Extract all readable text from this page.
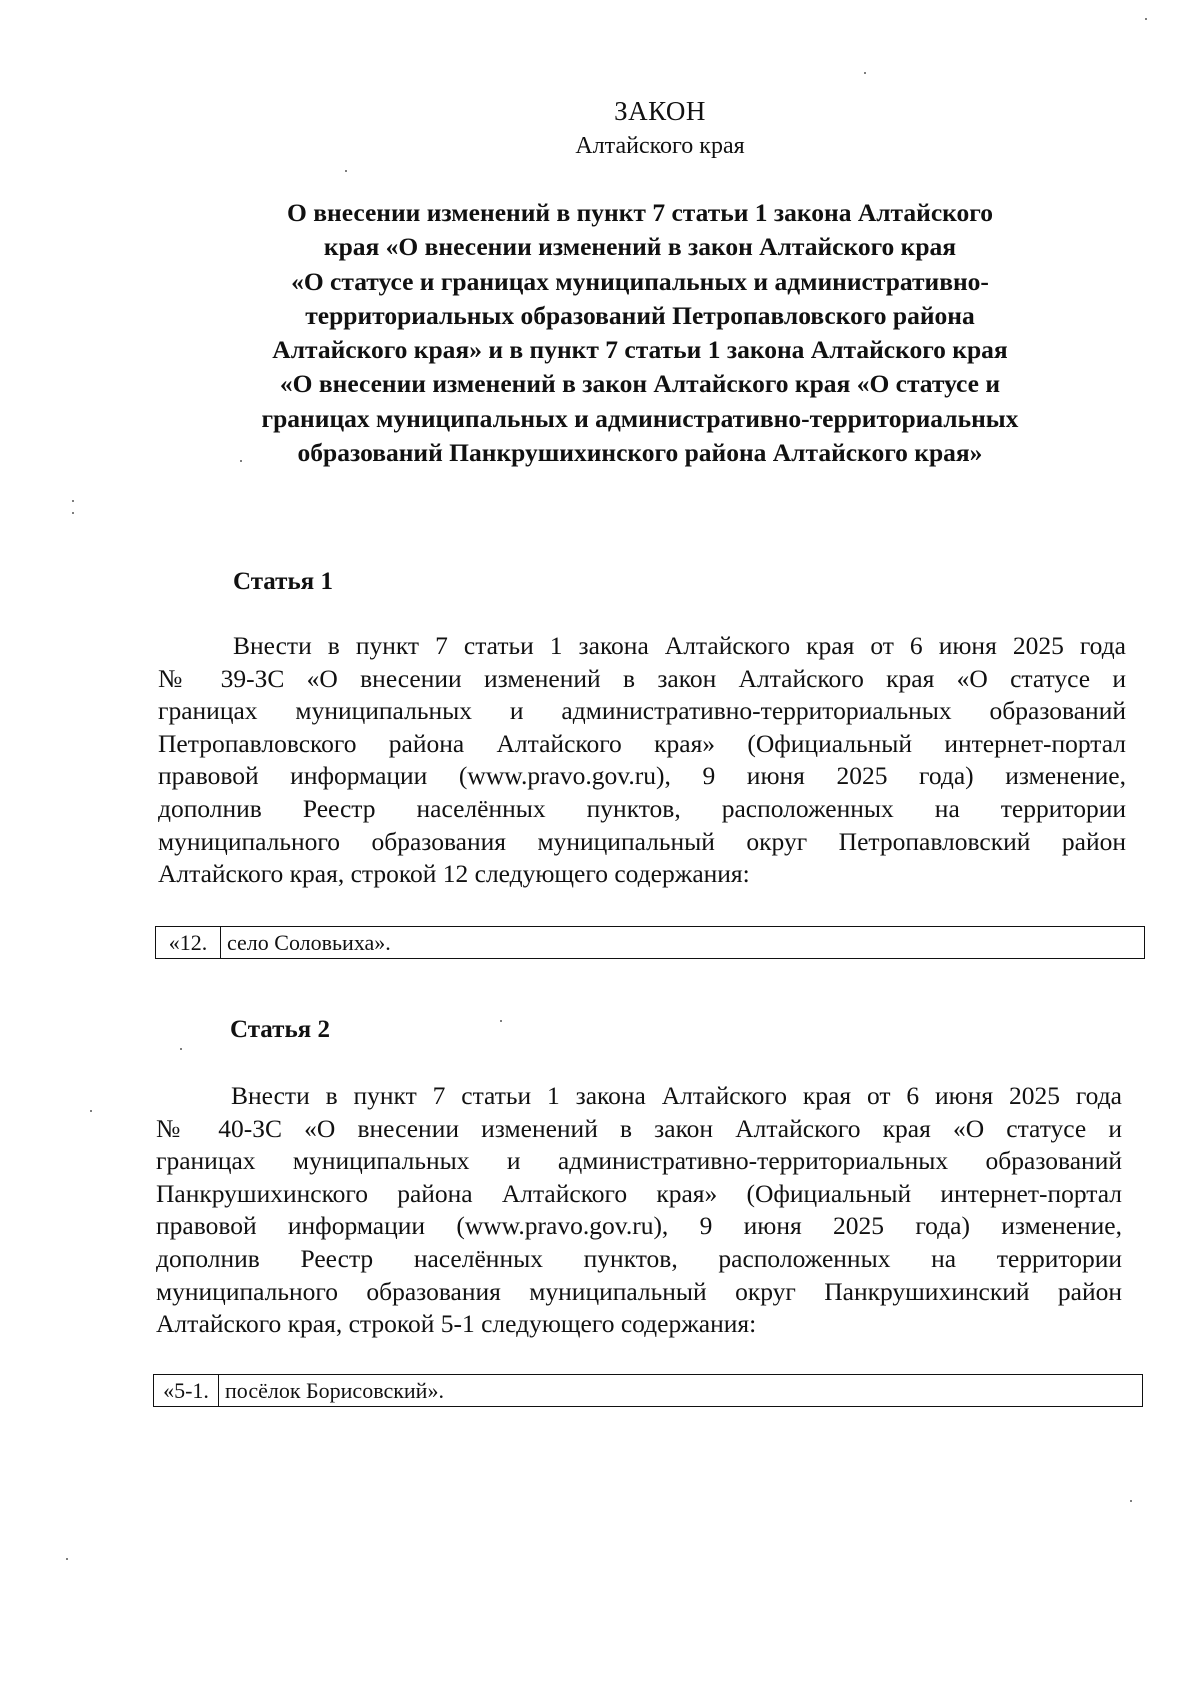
ЗАКОН
Алтайского края
О внесении изменений в пункт 7 статьи 1 закона Алтайского
края «О внесении изменений в закон Алтайского края
«О статусе и границах муниципальных и административно-
территориальных образований Петропавловского района
Алтайского края» и в пункт 7 статьи 1 закона Алтайского края
«О внесении изменений в закон Алтайского края «О статусе и
границах муниципальных и административно-территориальных
образований Панкрушихинского района Алтайского края»
Статья 1
Внести в пункт 7 статьи 1 закона Алтайского края от 6 июня 2025 года
№ 39-ЗС «О внесении изменений в закон Алтайского края «О статусе и
границах муниципальных и административно-территориальных образований
Петропавловского района Алтайского края» (Официальный интернет-портал
правовой информации (www.pravo.gov.ru), 9 июня 2025 года) изменение,
дополнив Реестр населённых пунктов, расположенных на территории
муниципального образования муниципальный округ Петропавловский район
Алтайского края, строкой 12 следующего содержания:
«12.	село Соловьиха».
Статья 2
Внести в пункт 7 статьи 1 закона Алтайского края от 6 июня 2025 года
№ 40-ЗС «О внесении изменений в закон Алтайского края «О статусе и
границах муниципальных и административно-территориальных образований
Панкрушихинского района Алтайского края» (Официальный интернет-портал
правовой информации (www.pravo.gov.ru), 9 июня 2025 года) изменение,
дополнив Реестр населённых пунктов, расположенных на территории
муниципального образования муниципальный округ Панкрушихинский район
Алтайского края, строкой 5-1 следующего содержания:
«5-1.	посёлок Борисовский».
